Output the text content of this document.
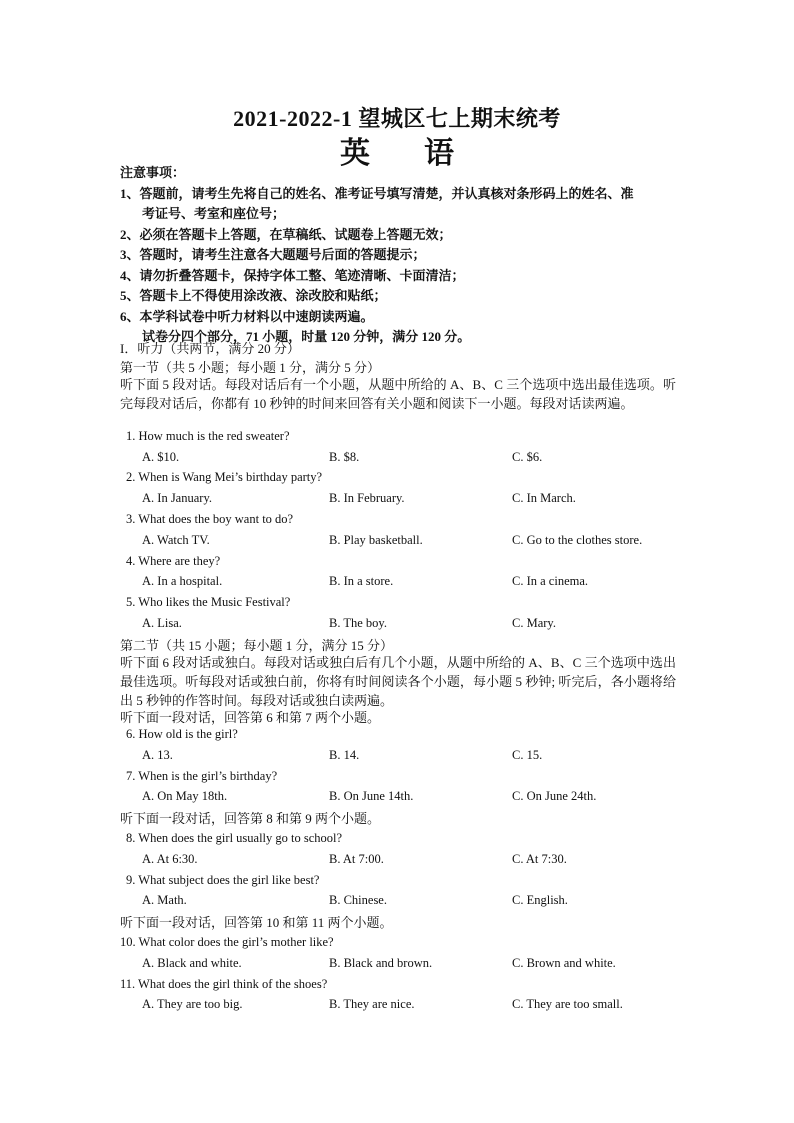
2021-2022-1 望城区七上期末统考
英 语
注意事项：
1、答题前，请考生先将自己的姓名、准考证号填写清楚，并认真核对条形码上的姓名、准
考证号、考室和座位号；
2、必须在答题卡上答题，在草稿纸、试题卷上答题无效；
3、答题时，请考生注意各大题题号后面的答题提示；
4、请勿折叠答题卡，保持字体工整、笔迹清晰、卡面清洁；
5、答题卡上不得使用涂改液、涂改胶和贴纸；
6、本学科试卷中听力材料以中速朗读两遍。
试卷分四个部分，71 小题，时量 120 分钟，满分 120 分。
I．听力（共两节，满分 20 分）
第一节（共 5 小题；每小题 1 分，满分 5 分）
听下面 5 段对话。每段对话后有一个小题，从题中所给的 A、B、C 三个选项中选出最佳选项。听完每段对话后，你都有 10 秒钟的时间来回答有关小题和阅读下一小题。每段对话读两遍。
1. How much is the red sweater?
A. $10.	B. $8.	C. $6.
2. When is Wang Mei’s birthday party?
A. In January.	B. In February.	C. In March.
3. What does the boy want to do?
A. Watch TV.	B. Play basketball.	C. Go to the clothes store.
4. Where are they?
A. In a hospital.	B. In a store.	C. In a cinema.
5. Who likes the Music Festival?
A. Lisa.	B. The boy.	C. Mary.
第二节（共 15 小题；每小题 1 分，满分 15 分）
听下面 6 段对话或独白。每段对话或独白后有几个小题，从题中所给的 A、B、C 三个选项中选出最佳选项。听每段对话或独白前，你将有时间阅读各个小题，每小题 5 秒钟; 听完后，各小题将给出 5 秒钟的作答时间。每段对话或独白读两遍。
听下面一段对话，回答第 6 和第 7 两个小题。
6. How old is the girl?
A. 13.	B. 14.	C. 15.
7. When is the girl’s birthday?
A. On May 18th.	B. On June 14th.	C. On June 24th.
听下面一段对话，回答第 8 和第 9 两个小题。
8. When does the girl usually go to school?
A. At 6:30.	B. At 7:00.	C. At 7:30.
9. What subject does the girl like best?
A. Math.	B. Chinese.	C. English.
听下面一段对话，回答第 10 和第 11 两个小题。
10. What color does the girl’s mother like?
A. Black and white.	B. Black and brown.	C. Brown and white.
11. What does the girl think of the shoes?
A. They are too big.	B. They are nice.	C. They are too small.
